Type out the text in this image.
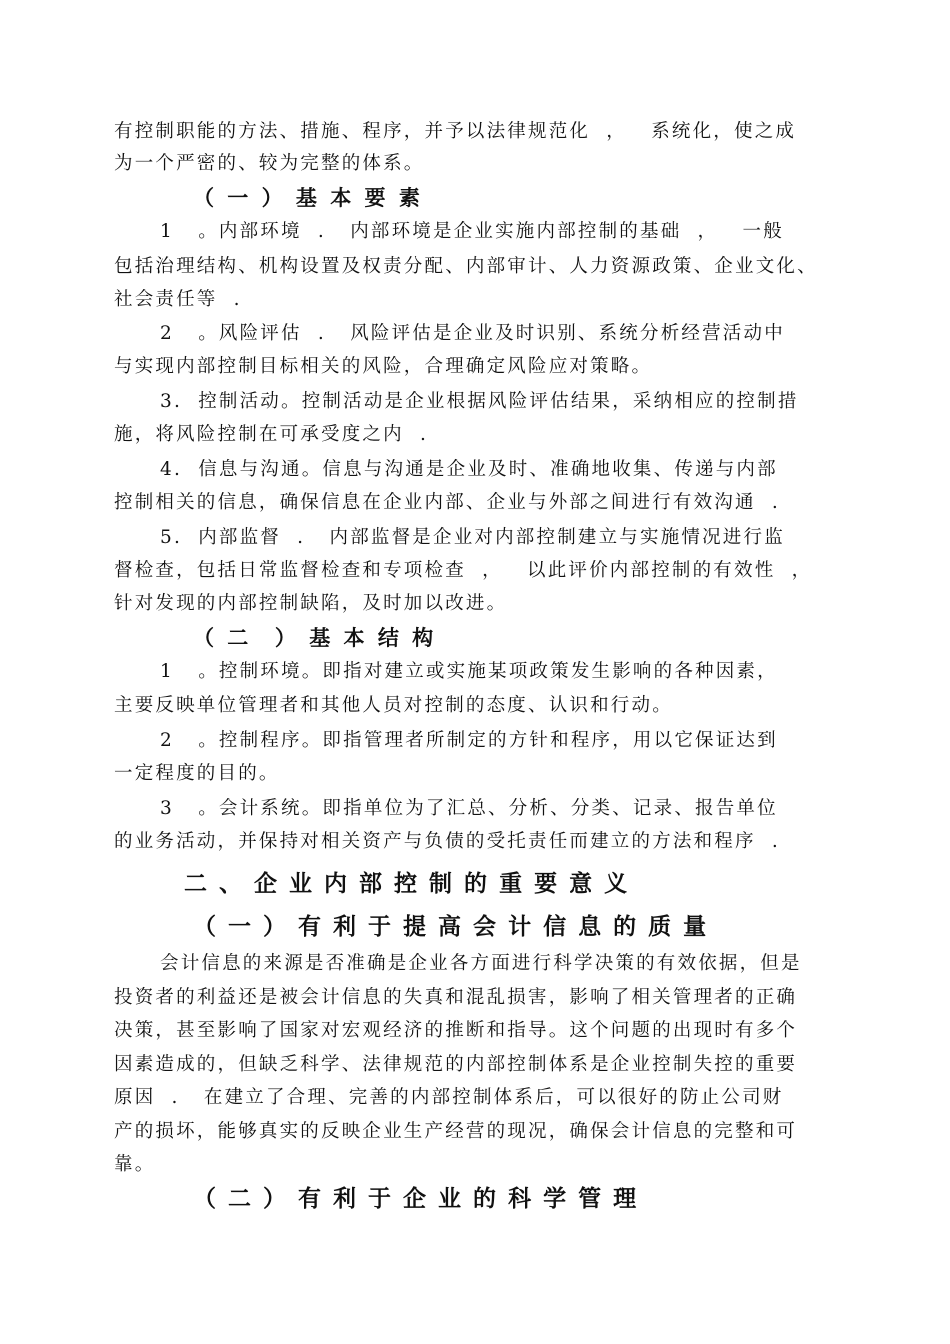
有控制职能的方法、措施、程序，并予以法律规范化  ，   系统化，使之成
为一个严密的、较为完整的体系。
（ 一 ） 基 本 要 素
1   。内部环境  .   内部环境是企业实施内部控制的基础  ，   一般
包括治理结构、机构设置及权责分配、内部审计、人力资源政策、企业文化、
社会责任等  .
2   。风险评估  .   风险评估是企业及时识别、系统分析经营活动中
与实现内部控制目标相关的风险，合理确定风险应对策略。
3.  控制活动。控制活动是企业根据风险评估结果，采纳相应的控制措
施，将风险控制在可承受度之内  .
4.  信息与沟通。信息与沟通是企业及时、准确地收集、传递与内部
控制相关的信息，确保信息在企业内部、企业与外部之间进行有效沟通  .
5.  内部监督  .   内部监督是企业对内部控制建立与实施情况进行监
督检查，包括日常监督检查和专项检查  ，   以此评价内部控制的有效性  ，
针对发现的内部控制缺陷，及时加以改进。
（ 二  ） 基 本 结 构
1   。控制环境。即指对建立或实施某项政策发生影响的各种因素，
主要反映单位管理者和其他人员对控制的态度、认识和行动。
2   。控制程序。即指管理者所制定的方针和程序，用以它保证达到
一定程度的目的。
3   。会计系统。即指单位为了汇总、分析、分类、记录、报告单位
的业务活动，并保持对相关资产与负债的受托责任而建立的方法和程序  .
二 、 企 业 内 部 控 制 的 重 要 意 义
（ 一 ） 有 利 于 提 高 会 计 信 息 的 质 量
会计信息的来源是否准确是企业各方面进行科学决策的有效依据，但是
投资者的利益还是被会计信息的失真和混乱损害，影响了相关管理者的正确
决策，甚至影响了国家对宏观经济的推断和指导。这个问题的出现时有多个
因素造成的，但缺乏科学、法律规范的内部控制体系是企业控制失控的重要
原因  .   在建立了合理、完善的内部控制体系后，可以很好的防止公司财
产的损坏，能够真实的反映企业生产经营的现况，确保会计信息的完整和可
靠。
（ 二 ） 有 利 于 企 业 的 科 学 管 理
